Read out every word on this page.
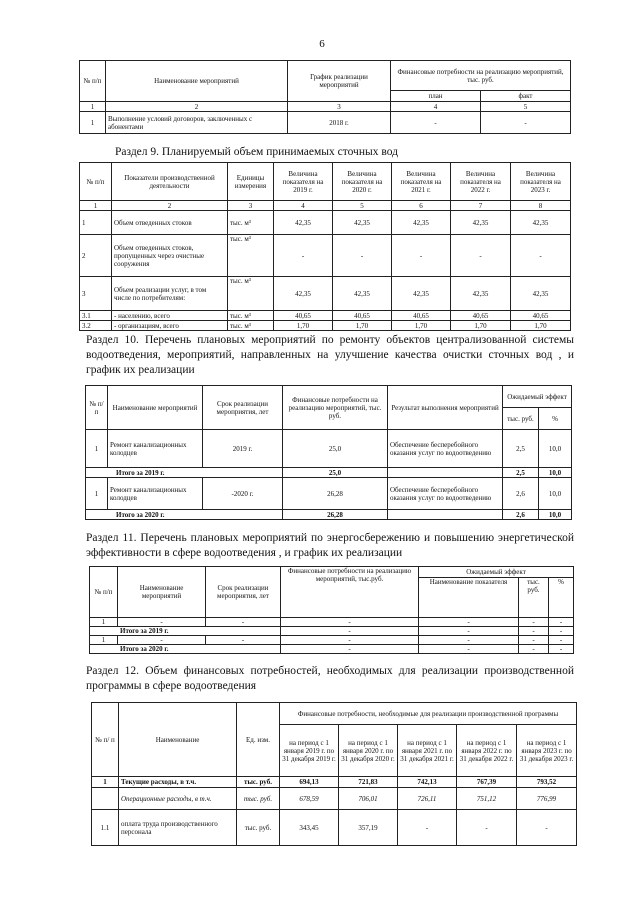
6
№ п/п	Наименование мероприятий	График реализации мероприятий	Финансовые потребности на реализацию мероприятий, тыс. руб.	
			план	факт
1	2	3	4	5
1	Выполнение условий договоров, заключенных с абонентами	2018 г.	-	-
Раздел 9. Планируемый объем принимаемых сточных вод
№ п/п	Показатели производственной деятельности	Единицы измерения	Величина показателя на 2019 г.	Величина показателя на 2020 г.	Величина показателя на 2021 г.	Величина показателя на 2022 г.	Величина показателя на 2023 г.
1	2	3	4	5	6	7	8
1	Объем отведенных стоков	тыс. м³	42,35	42,35	42,35	42,35	42,35
2	Объем отведенных стоков, пропущенных через очистные сооружения	тыс. м³	-	-	-	-	-
3	Объем реализации услуг, в том числе по потребителям:	тыс. м³	42,35	42,35	42,35	42,35	42,35
3.1	- населению, всего	тыс. м³	40,65	40,65	40,65	40,65	40,65
3.2	- организациям, всего	тыс. м³	1,70	1,70	1,70	1,70	1,70
Раздел 10. Перечень плановых мероприятий по ремонту объектов централизованной системы водоотведения, мероприятий, направленных на улучшение качества очистки сточных вод , и график их реализации
№ п/ п	Наименование мероприятий	Срок реализации мероприятия, лет	Финансовые потребности на реализацию мероприятий, тыс. руб.	Результат выполнения мероприятий	Ожидаемый эффект	
					тыс. руб.	%
1	Ремонт канализационных колодцев	2019 г.	25,0	Обеспечение бесперебойного оказания услуг по водоотведению	2,5	10,0
Итого за 2019 г.			25,0		2,5	10,0
1	Ремонт канализационных колодцев	-2020 г.	26,28	Обеспечение бесперебойного оказания услуг по водоотведению	2,6	10,0
Итого за 2020 г.			26,28		2,6	10,0
Раздел 11. Перечень плановых мероприятий по энергосбережению и повышению энергетической эффективности в сфере водоотведения , и график их реализации
№ п/п	Наименование мероприятий	Срок реализации мероприятия, лет	Финансовые потребности на реализацию мероприятий, тыс.руб.	Ожидаемый эффект		
				Наименование показателя	тыс. руб.	%
1	-	-	-	-	-	-
Итого за 2019 г.			-	-	-	-
1	-	-	-	-	-	-
Итого за 2020 г.			-	-	-	-
Раздел 12. Объем финансовых потребностей, необходимых для реализации производственной программы в сфере водоотведения
№ п/ п	Наименование	Ед. изм.	Финансовые потребности, необходимые для реализации производственной программы				
			на период с 1 января 2019 г. по 31 декабря 2019 г.	на период с 1 января 2020 г. по 31 декабря 2020 г.	на период с 1 января 2021 г. по 31 декабря 2021 г.	на период с 1 января 2022 г. по 31 декабря 2022 г.	на период с 1 января 2023 г. по 31 декабря 2023 г.
1	Текущие расходы, в т.ч.	тыс. руб.	694,13	721,83	742,13	767,39	793,52
	Операционные расходы, в т.ч.	тыс. руб.	678,59	706,01	726,11	751,12	776,99
1.1	оплата труда производственного персонала	тыс. руб.	343,45	357,19	-	-	-
